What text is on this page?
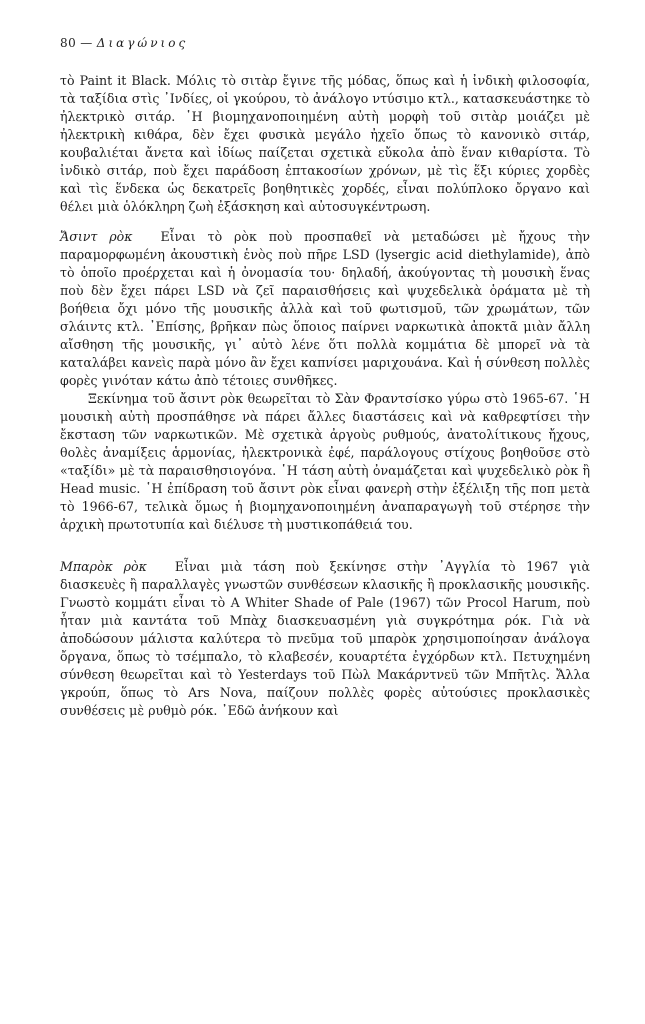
80 — Διαγώνιος

τὸ Paint it Black. Μόλις τὸ σιτὰρ ἔγινε τῆς μόδας, ὅπως καὶ ἡ ἰνδικὴ φιλοσοφία, τὰ ταξίδια στὶς ᾿Ινδίες, οἱ γκούρου, τὸ ἀνάλογο ντύσιμο κτλ., κατασκευάστηκε τὸ ἠλεκτρικὸ σιτάρ. ῾Η βιομηχανοποιημένη αὐτὴ μορφὴ τοῦ σιτὰρ μοιάζει μὲ ἠλεκτρικὴ κιθάρα, δὲν ἔχει φυσικὰ μεγάλο ἠχεῖο ὅπως τὸ κανονικὸ σιτάρ, κουβαλιέται ἄνετα καὶ ἰδίως παίζεται σχετικὰ εὔκολα ἀπὸ ἕναν κιθαρίστα. Τὸ ἰνδικὸ σιτάρ, ποὺ ἔχει παράδοση ἑπτακοσίων χρόνων, μὲ τὶς ἕξι κύριες χορδὲς καὶ τὶς ἕνδεκα ὡς δεκατρεῖς βοηθητικὲς χορδές, εἶναι πολύπλοκο ὄργανο καὶ θέλει μιὰ ὁλόκληρη ζωὴ ἐξάσκηση καὶ αὐτοσυγκέντρωση.

Ἄσιντ ρὸκ Εἶναι τὸ ρὸκ ποὺ προσπαθεῖ νὰ μεταδώσει μὲ ἤχους τὴν παραμορφωμένη ἀκουστικὴ ἑνὸς ποὺ πῆρε LSD (lysergic acid diethylamide), ἀπὸ τὸ ὁποῖο προέρχεται καὶ ἡ ὀνομασία του· δηλαδή, ἀκούγοντας τὴ μουσικὴ ἕνας ποὺ δὲν ἔχει πάρει LSD νὰ ζεῖ παραισθήσεις καὶ ψυχεδελικὰ ὁράματα μὲ τὴ βοήθεια ὄχι μόνο τῆς μουσικῆς ἀλλὰ καὶ τοῦ φωτισμοῦ, τῶν χρωμάτων, τῶν σλάιντς κτλ. ᾿Επίσης, βρῆκαν πὼς ὅποιος παίρνει ναρκωτικὰ ἀποκτᾶ μιὰν ἄλλη αἴσθηση τῆς μουσικῆς, γι᾿ αὐτὸ λένε ὅτι πολλὰ κομμάτια δὲ μπορεῖ νὰ τὰ καταλάβει κανεὶς παρὰ μόνο ἂν ἔχει καπνίσει μαριχουάνα. Καὶ ἡ σύνθεση πολλὲς φορὲς γινόταν κάτω ἀπὸ τέτοιες συνθῆκες.

Ξεκίνημα τοῦ ἄσιντ ρὸκ θεωρεῖται τὸ Σὰν Φραντσίσκο γύρω στὸ 1965-67. ῾Η μουσικὴ αὐτὴ προσπάθησε νὰ πάρει ἄλλες διαστάσεις καὶ νὰ καθρεφτίσει τὴν ἔκσταση τῶν ναρκωτικῶν. Μὲ σχετικὰ ἀργοὺς ρυθμούς, ἀνατολίτικους ἤχους, θολὲς ἀναμίξεις ἁρμονίας, ἠλεκτρονικὰ ἐφέ, παράλογους στίχους βοηθοῦσε στὸ «ταξίδι» μὲ τὰ παραισθησιογόνα. ῾Η τάση αὐτὴ ὀναμάζεται καὶ ψυχεδελικὸ ρὸκ ἢ Head music. ῾Η ἐπίδραση τοῦ ἄσιντ ρὸκ εἶναι φανερὴ στὴν ἐξέλιξη τῆς ποπ μετὰ τὸ 1966-67, τελικὰ ὅμως ἡ βιομηχανοποιημένη ἀναπαραγωγὴ τοῦ στέρησε τὴν ἀρχικὴ πρωτοτυπία καὶ διέλυσε τὴ μυστικοπάθειά του.

Μπαρὸκ ρὸκ Εἶναι μιὰ τάση ποὺ ξεκίνησε στὴν ᾿Αγγλία τὸ 1967 γιὰ διασκευὲς ἢ παραλλαγὲς γνωστῶν συνθέσεων κλασικῆς ἢ προκλασικῆς μουσικῆς. Γνωστὸ κομμάτι εἶναι τὸ A Whiter Shade of Pale (1967) τῶν Procol Harum, ποὺ ἦταν μιὰ καντάτα τοῦ Μπὰχ διασκευασμένη γιὰ συγκρότημα ρόκ. Γιὰ νὰ ἀποδώσουν μάλιστα καλύτερα τὸ πνεῦμα τοῦ μπαρὸκ χρησιμοποίησαν ἀνάλογα ὄργανα, ὅπως τὸ τσέμπαλο, τὸ κλαβεσέν, κουαρτέτα ἐγχόρδων κτλ. Πετυχημένη σύνθεση θεωρεῖται καὶ τὸ Yesterdays τοῦ Πὼλ Μακάρντνεϋ τῶν Μπῆτλς. Ἄλλα γκρούπ, ὅπως τὸ Ars Nova, παίζουν πολλὲς φορὲς αὐτούσιες προκλασικὲς συνθέσεις μὲ ρυθμὸ ρόκ. ᾿Εδῶ ἀνήκουν καὶ
